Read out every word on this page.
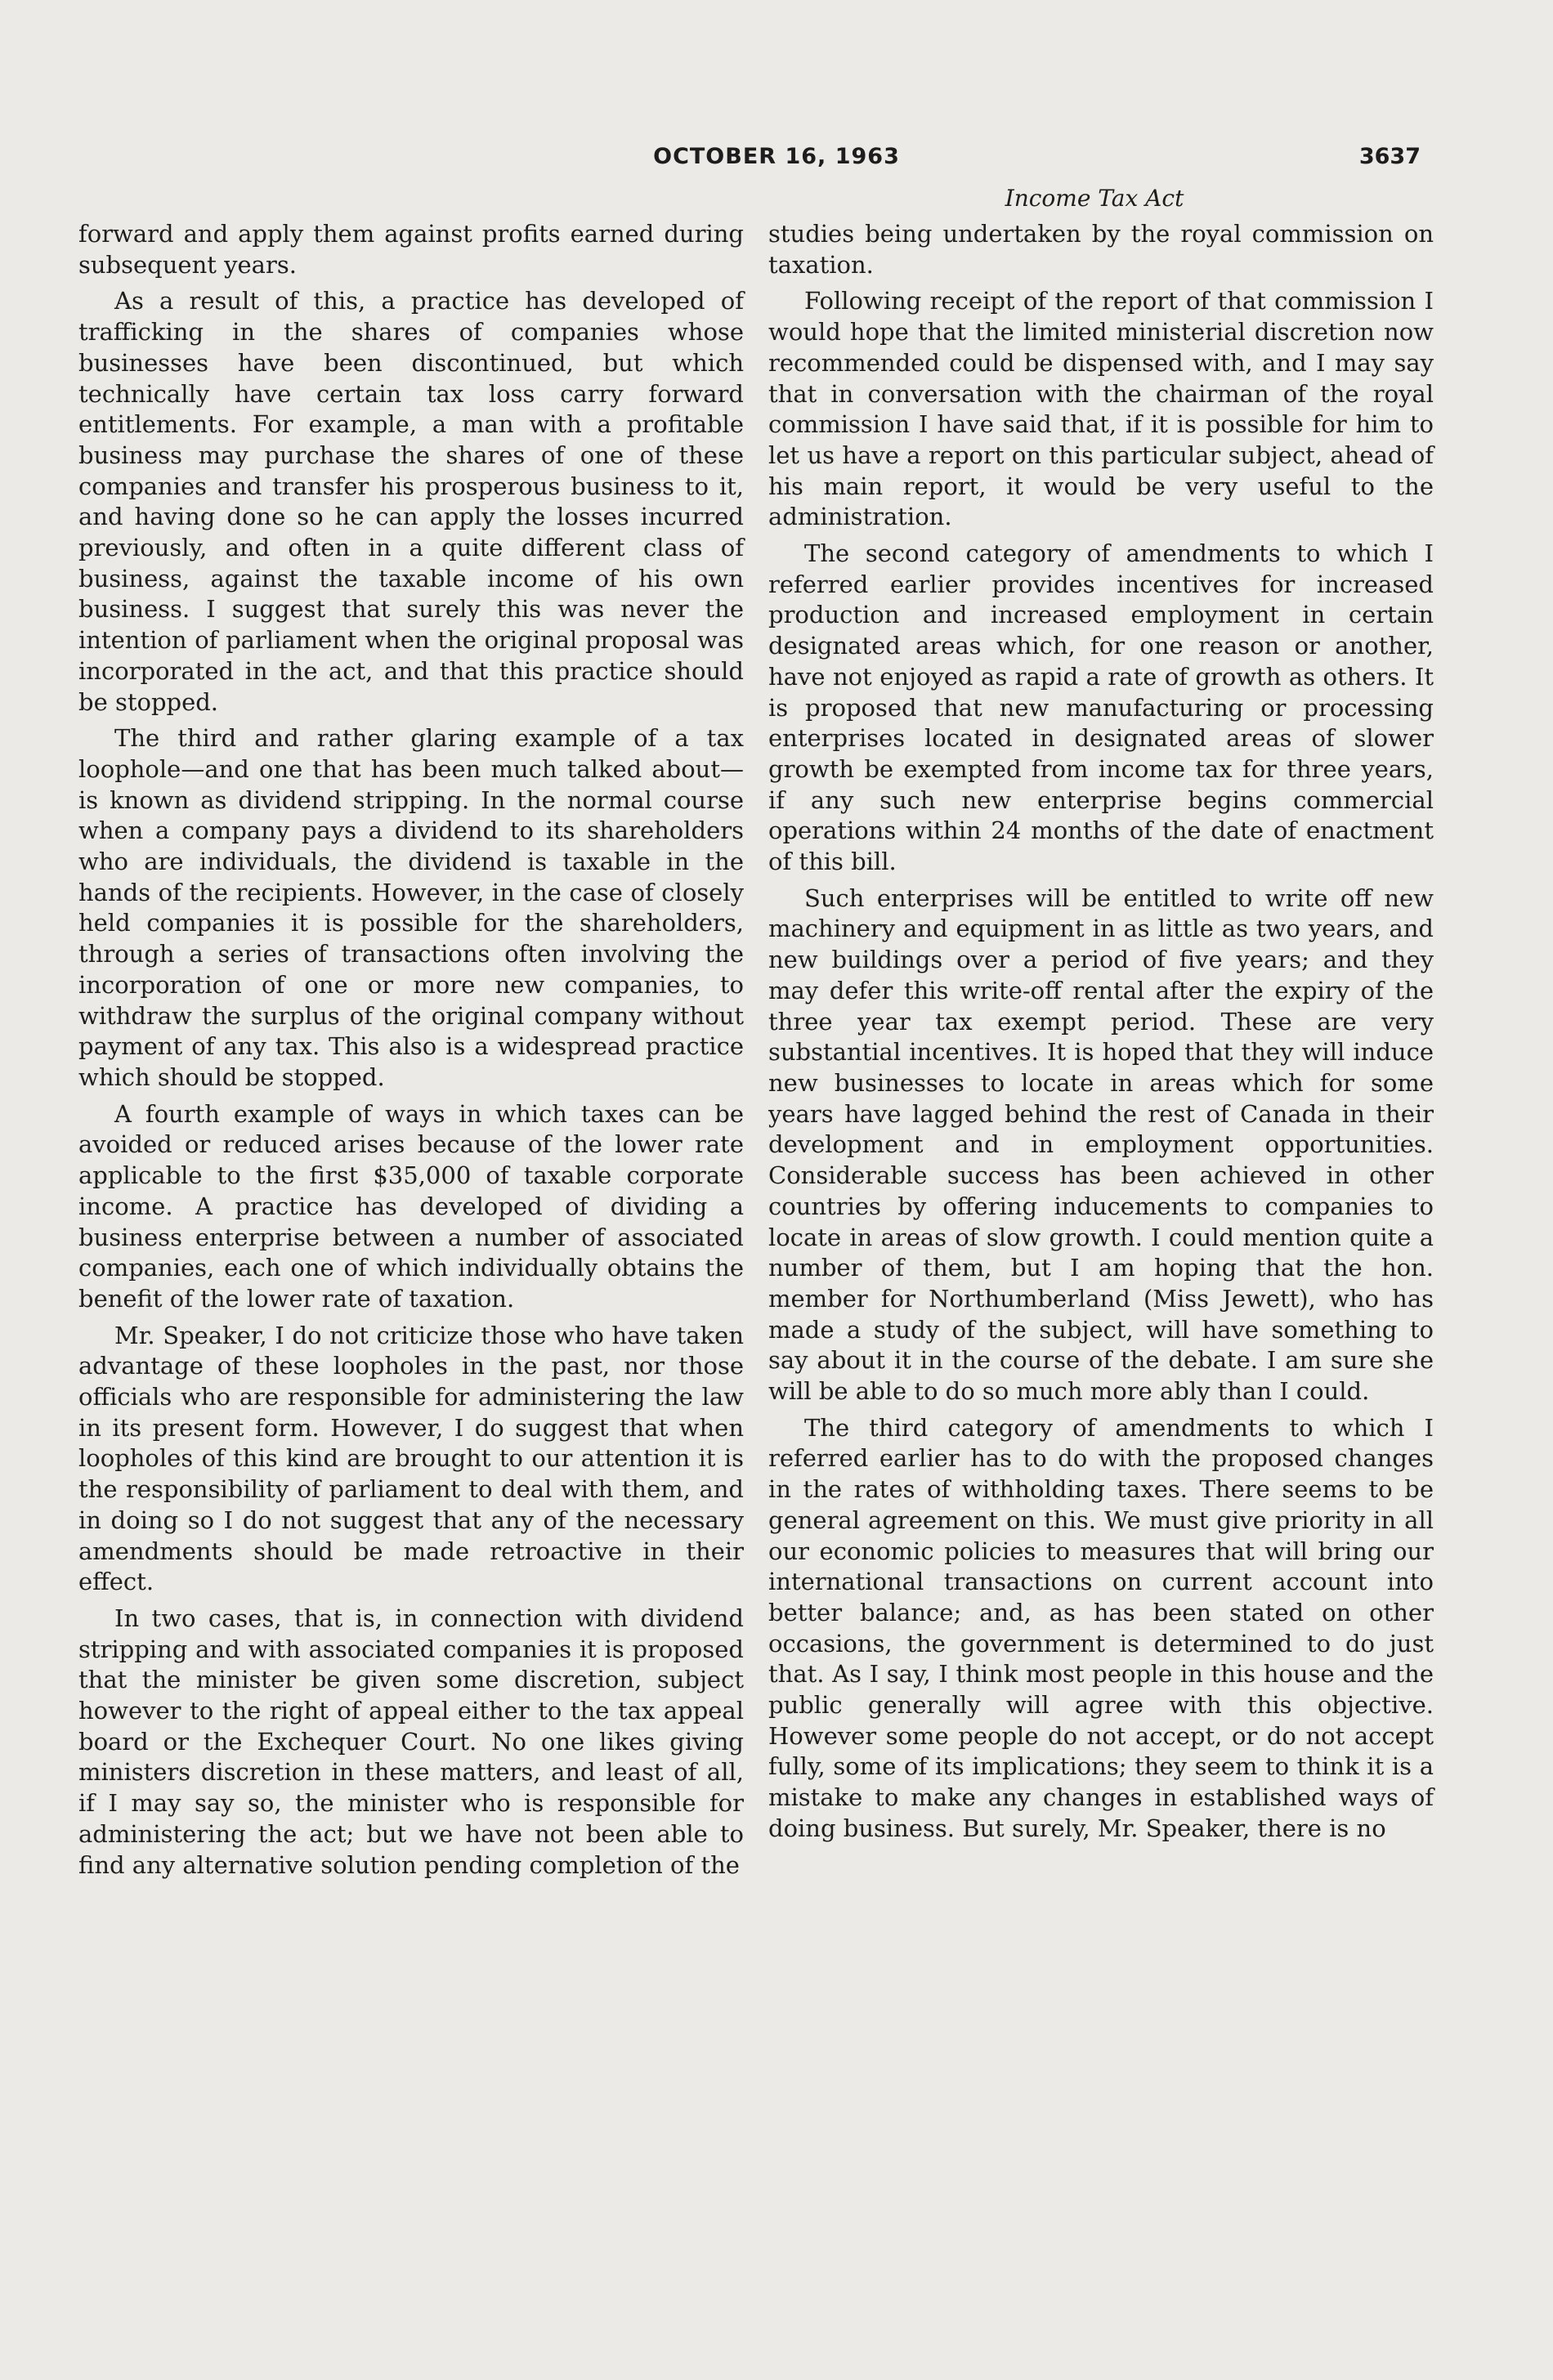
OCTOBER 16, 1963	3637
Income Tax Act

forward and apply them against profits earned during subsequent years.

As a result of this, a practice has developed of trafficking in the shares of companies whose businesses have been discontinued, but which technically have certain tax loss carry forward entitlements. For example, a man with a profitable business may purchase the shares of one of these companies and transfer his prosperous business to it, and having done so he can apply the losses incurred previously, and often in a quite different class of business, against the taxable income of his own business. I suggest that surely this was never the intention of parliament when the original proposal was incorporated in the act, and that this practice should be stopped.

The third and rather glaring example of a tax loophole—and one that has been much talked about—is known as dividend stripping. In the normal course when a company pays a dividend to its shareholders who are individuals, the dividend is taxable in the hands of the recipients. However, in the case of closely held companies it is possible for the shareholders, through a series of transactions often involving the incorporation of one or more new companies, to withdraw the surplus of the original company without payment of any tax. This also is a widespread practice which should be stopped.

A fourth example of ways in which taxes can be avoided or reduced arises because of the lower rate applicable to the first $35,000 of taxable corporate income. A practice has developed of dividing a business enterprise between a number of associated companies, each one of which individually obtains the benefit of the lower rate of taxation.

Mr. Speaker, I do not criticize those who have taken advantage of these loopholes in the past, nor those officials who are responsible for administering the law in its present form. However, I do suggest that when loopholes of this kind are brought to our attention it is the responsibility of parliament to deal with them, and in doing so I do not suggest that any of the necessary amendments should be made retroactive in their effect.

In two cases, that is, in connection with dividend stripping and with associated companies it is proposed that the minister be given some discretion, subject however to the right of appeal either to the tax appeal board or the Exchequer Court. No one likes giving ministers discretion in these matters, and least of all, if I may say so, the minister who is responsible for administering the act; but we have not been able to find any alternative solution pending completion of the

studies being undertaken by the royal commission on taxation.

Following receipt of the report of that commission I would hope that the limited ministerial discretion now recommended could be dispensed with, and I may say that in conversation with the chairman of the royal commission I have said that, if it is possible for him to let us have a report on this particular subject, ahead of his main report, it would be very useful to the administration.

The second category of amendments to which I referred earlier provides incentives for increased production and increased employment in certain designated areas which, for one reason or another, have not enjoyed as rapid a rate of growth as others. It is proposed that new manufacturing or processing enterprises located in designated areas of slower growth be exempted from income tax for three years, if any such new enterprise begins commercial operations within 24 months of the date of enactment of this bill.

Such enterprises will be entitled to write off new machinery and equipment in as little as two years, and new buildings over a period of five years; and they may defer this write-off rental after the expiry of the three year tax exempt period. These are very substantial incentives. It is hoped that they will induce new businesses to locate in areas which for some years have lagged behind the rest of Canada in their development and in employment opportunities. Considerable success has been achieved in other countries by offering inducements to companies to locate in areas of slow growth. I could mention quite a number of them, but I am hoping that the hon. member for Northumberland (Miss Jewett), who has made a study of the subject, will have something to say about it in the course of the debate. I am sure she will be able to do so much more ably than I could.

The third category of amendments to which I referred earlier has to do with the proposed changes in the rates of withholding taxes. There seems to be general agreement on this. We must give priority in all our economic policies to measures that will bring our international transactions on current account into better balance; and, as has been stated on other occasions, the government is determined to do just that. As I say, I think most people in this house and the public generally will agree with this objective. However some people do not accept, or do not accept fully, some of its implications; they seem to think it is a mistake to make any changes in established ways of doing business. But surely, Mr. Speaker, there is no
